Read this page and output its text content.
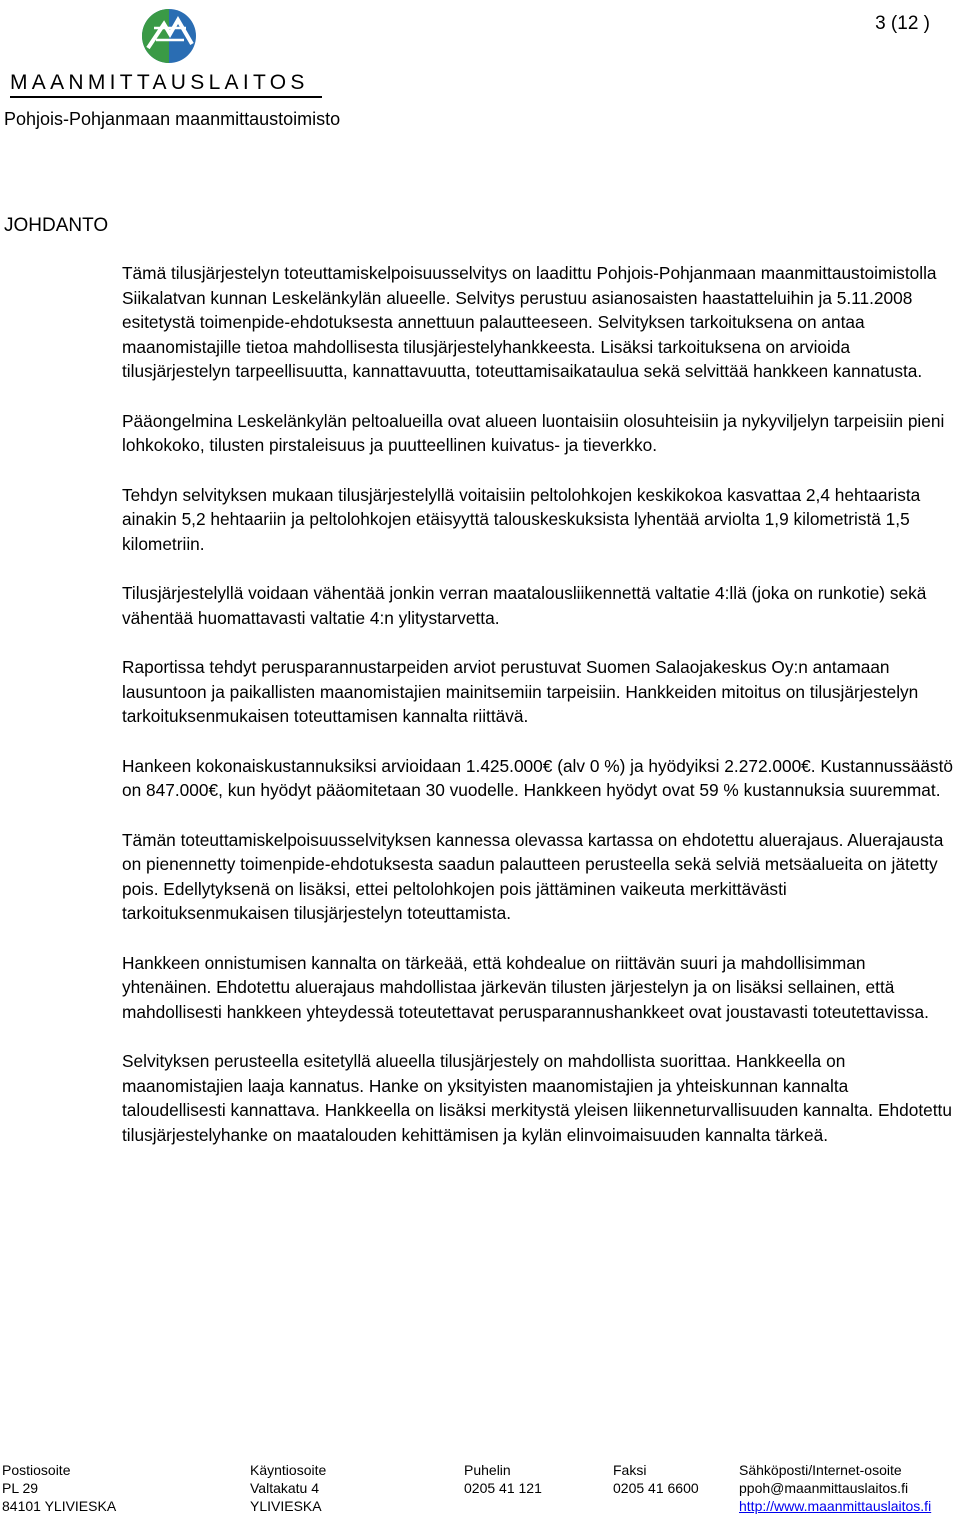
MAANMITTAUSLAITOS
Pohjois-Pohjanmaan maanmittaustoimisto
3 (12 )
JOHDANTO

Tämä tilusjärjestelyn toteuttamiskelpoisuusselvitys on laadittu Pohjois-Pohjanmaan maanmittaustoimistolla Siikalatvan kunnan Leskelänkylän alueelle. Selvitys perustuu asianosaisten haastatteluihin ja 5.11.2008 esitetystä toimenpide-ehdotuksesta annettuun palautteeseen. Selvityksen tarkoituksena on antaa maanomistajille tietoa mahdollisesta tilusjärjestelyhankkeesta. Lisäksi tarkoituksena on arvioida tilusjärjestelyn tarpeellisuutta, kannattavuutta, toteuttamisaikataulua sekä selvittää hankkeen kannatusta.

Pääongelmina Leskelänkylän peltoalueilla ovat alueen luontaisiin olosuhteisiin ja nykyviljelyn tarpeisiin pieni lohkokoko, tilusten pirstaleisuus ja puutteellinen kuivatus- ja tieverkko.

Tehdyn selvityksen mukaan tilusjärjestelyllä voitaisiin peltolohkojen keskikokoa kasvattaa 2,4 hehtaarista ainakin 5,2 hehtaariin ja peltolohkojen etäisyyttä talouskeskuksista lyhentää arviolta 1,9 kilometristä 1,5 kilometriin.

Tilusjärjestelyllä voidaan vähentää jonkin verran maatalousliikennettä valtatie 4:llä (joka on runkotie) sekä vähentää huomattavasti valtatie 4:n ylitystarvetta.

Raportissa tehdyt perusparannustarpeiden arviot perustuvat Suomen Salaojakeskus Oy:n antamaan lausuntoon ja paikallisten maanomistajien mainitsemiin tarpeisiin. Hankkeiden mitoitus on tilusjärjestelyn tarkoituksenmukaisen toteuttamisen kannalta riittävä.

Hankeen kokonaiskustannuksiksi arvioidaan 1.425.000€ (alv 0 %) ja hyödyiksi 2.272.000€. Kustannussäästö on 847.000€, kun hyödyt pääomitetaan 30 vuodelle. Hankkeen hyödyt ovat 59 % kustannuksia suuremmat.

Tämän toteuttamiskelpoisuusselvityksen kannessa olevassa kartassa on ehdotettu aluerajaus. Aluerajausta on pienennetty toimenpide-ehdotuksesta saadun palautteen perusteella sekä selviä metsäalueita on jätetty pois. Edellytyksenä on lisäksi, ettei peltolohkojen pois jättäminen vaikeuta merkittävästi tarkoituksenmukaisen tilusjärjestelyn toteuttamista.

Hankkeen onnistumisen kannalta on tärkeää, että kohdealue on riittävän suuri ja mahdollisimman yhtenäinen. Ehdotettu aluerajaus mahdollistaa järkevän tilusten järjestelyn ja on lisäksi sellainen, että mahdollisesti hankkeen yhteydessä toteutettavat perusparannushankkeet ovat joustavasti toteutettavissa.

Selvityksen perusteella esitetyllä alueella tilusjärjestely on mahdollista suorittaa. Hankkeella on maanomistajien laaja kannatus. Hanke on yksityisten maanomistajien ja yhteiskunnan kannalta taloudellisesti kannattava. Hankkeella on lisäksi merkitystä yleisen liikenneturvallisuuden kannalta. Ehdotettu tilusjärjestelyhanke on maatalouden kehittämisen ja kylän elinvoimaisuuden kannalta tärkeä.

Postiosoite
PL 29
84101 YLIVIESKA
Käyntiosoite
Valtakatu 4
YLIVIESKA
Puhelin
0205 41 121
Faksi
0205 41 6600
Sähköposti/Internet-osoite
ppoh@maanmittauslaitos.fi
http://www.maanmittauslaitos.fi
